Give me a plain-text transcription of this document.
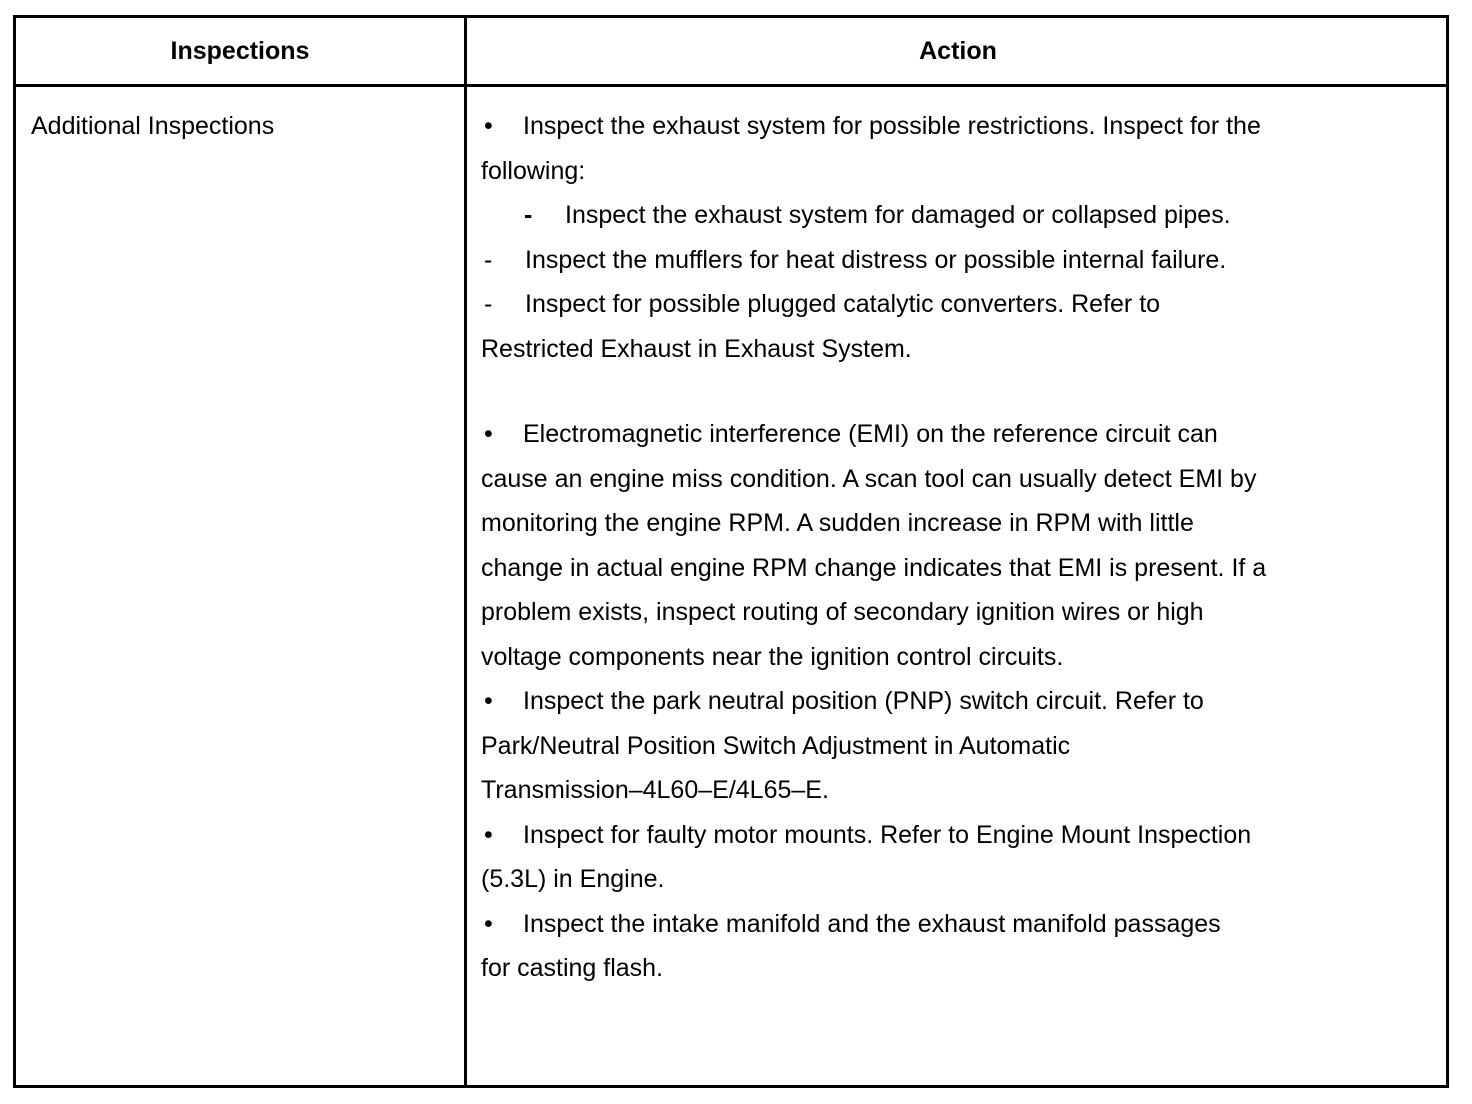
Inspections	Action
Additional Inspections	• Inspect the exhaust system for possible restrictions. Inspect for the
following:
- Inspect the exhaust system for damaged or collapsed pipes.
- Inspect the mufflers for heat distress or possible internal failure.
- Inspect for possible plugged catalytic converters. Refer to
Restricted Exhaust in Exhaust System.
• Electromagnetic interference (EMI) on the reference circuit can
cause an engine miss condition. A scan tool can usually detect EMI by
monitoring the engine RPM. A sudden increase in RPM with little
change in actual engine RPM change indicates that EMI is present. If a
problem exists, inspect routing of secondary ignition wires or high
voltage components near the ignition control circuits.
• Inspect the park neutral position (PNP) switch circuit. Refer to
Park/Neutral Position Switch Adjustment in Automatic
Transmission–4L60–E/4L65–E.
• Inspect for faulty motor mounts. Refer to Engine Mount Inspection
(5.3L) in Engine.
• Inspect the intake manifold and the exhaust manifold passages
for casting flash.
